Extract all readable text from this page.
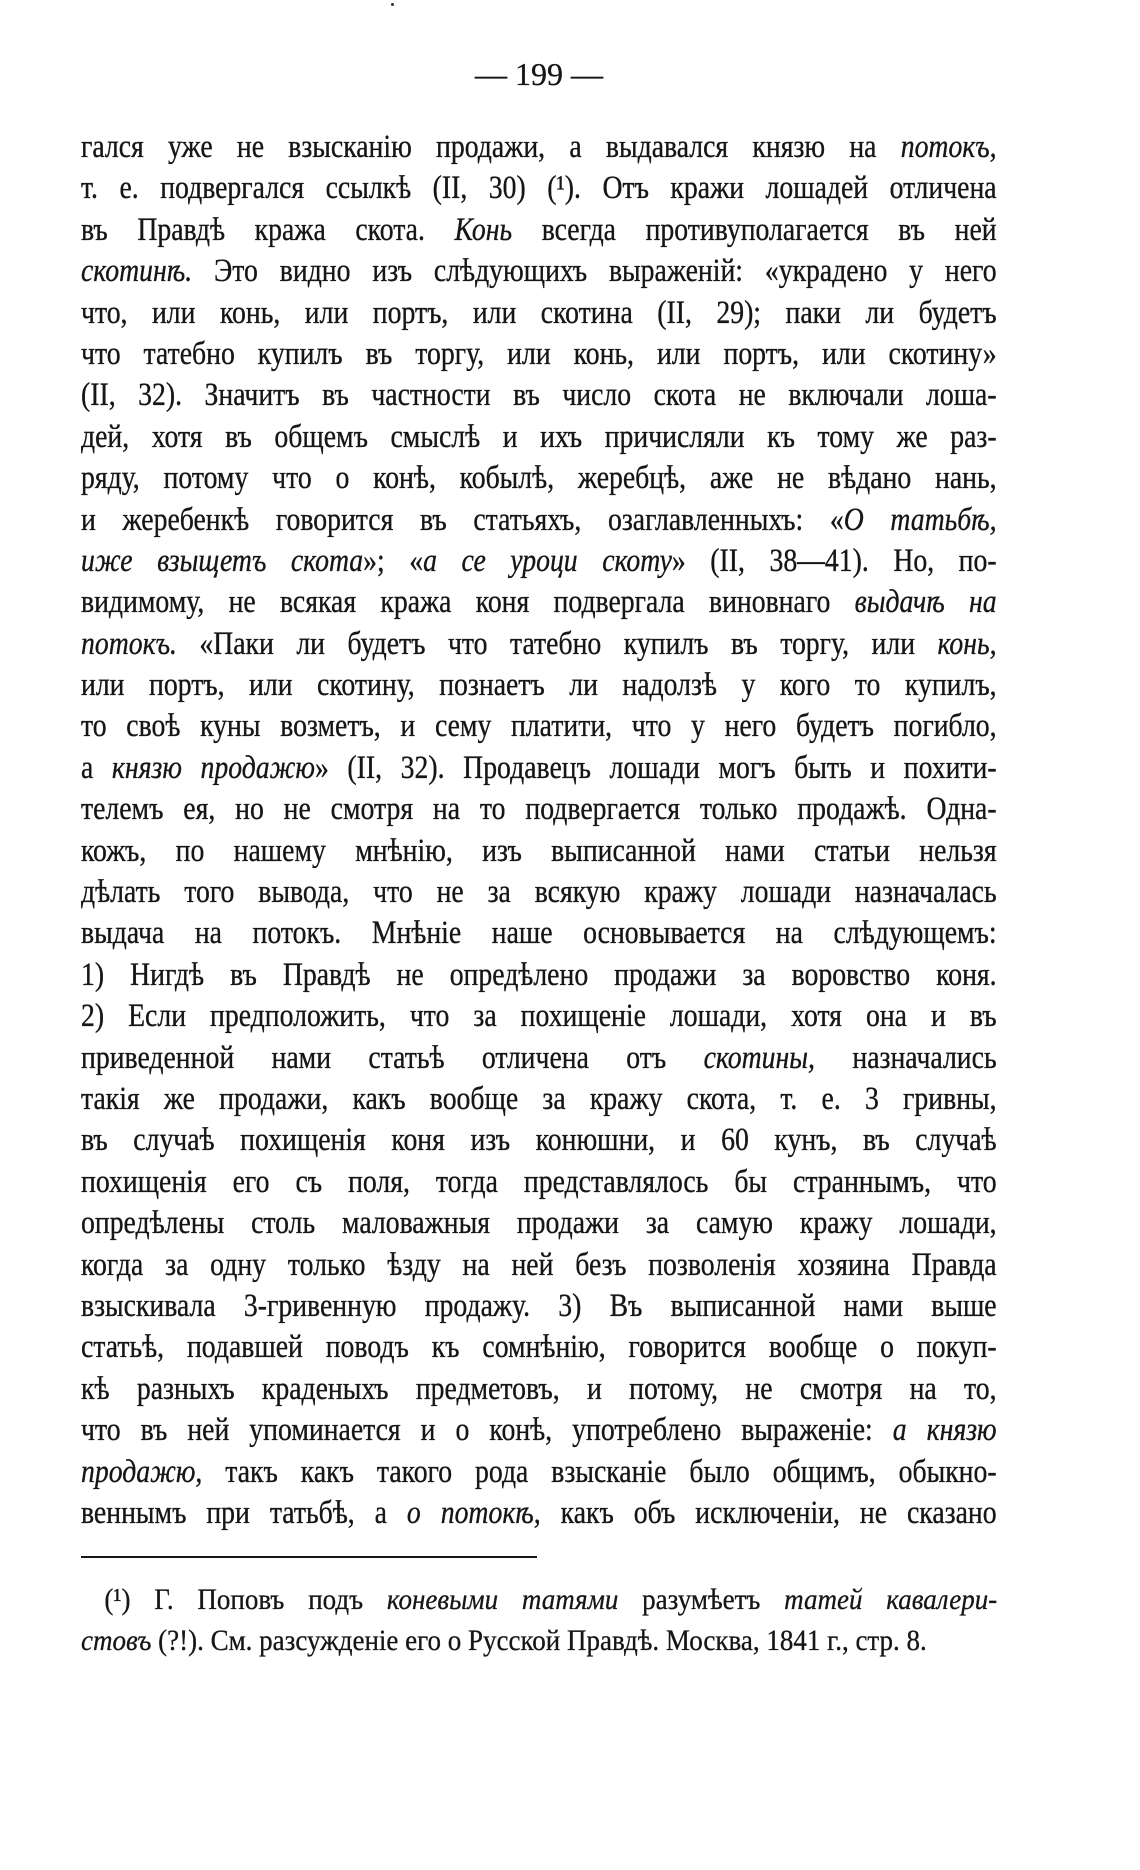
— 199 —
гался уже не взысканію продажи, а выдавался князю на потокъ,
т. е. подвергался ссылкѣ (II, 30) (¹). Отъ кражи лошадей отличена
въ Правдѣ кража скота. Конь всегда противуполагается въ ней
скотинѣ. Это видно изъ слѣдующихъ выраженій: «украдено у него
что, или конь, или портъ, или скотина (II, 29); паки ли будетъ
что татебно купилъ въ торгу, или конь, или портъ, или скотину»
(II, 32). Значитъ въ частности въ число скота не включали лоша-
дей, хотя въ общемъ смыслѣ и ихъ причисляли къ тому же раз-
ряду, потому что о конѣ, кобылѣ, жеребцѣ, аже не вѣдано нань,
и жеребенкѣ говорится въ статьяхъ, озаглавленныхъ: «О татьбѣ,
иже взыщетъ скота»; «а се уроци скоту» (II, 38—41). Но, по-
видимому, не всякая кража коня подвергала виновнаго выдачѣ на
потокъ. «Паки ли будетъ что татебно купилъ въ торгу, или конь,
или портъ, или скотину, познаетъ ли надолзѣ у кого то купилъ,
то своѣ куны возметъ, и сему платити, что у него будетъ погибло,
а князю продажю» (II, 32). Продавецъ лошади могъ быть и похити-
телемъ ея, но не смотря на то подвергается только продажѣ. Одна-
кожъ, по нашему мнѣнію, изъ выписанной нами статьи нельзя
дѣлать того вывода, что не за всякую кражу лошади назначалась
выдача на потокъ. Мнѣніе наше основывается на слѣдующемъ:
1) Нигдѣ въ Правдѣ не опредѣлено продажи за воровство коня.
2) Если предположить, что за похищеніе лошади, хотя она и въ
приведенной нами статьѣ отличена отъ скотины, назначались
такія же продажи, какъ вообще за кражу скота, т. е. 3 гривны,
въ случаѣ похищенія коня изъ конюшни, и 60 кунъ, въ случаѣ
похищенія его съ поля, тогда представлялось бы страннымъ, что
опредѣлены столь маловажныя продажи за самую кражу лошади,
когда за одну только ѣзду на ней безъ позволенія хозяина Правда
взыскивала 3-гривенную продажу. 3) Въ выписанной нами выше
статьѣ, подавшей поводъ къ сомнѣнію, говорится вообще о покуп-
кѣ разныхъ краденыхъ предметовъ, и потому, не смотря на то,
что въ ней упоминается и о конѣ, употреблено выраженіе: а князю
продажю, такъ какъ такого рода взысканіе было общимъ, обыкно-
веннымъ при татьбѣ, а о потокѣ, какъ объ исключеніи, не сказано
(¹) Г. Поповъ подъ коневыми татями разумѣетъ татей кавалери-
стовъ (?!). См. разсужденіе его о Русской Правдѣ. Москва, 1841 г., стр. 8.
